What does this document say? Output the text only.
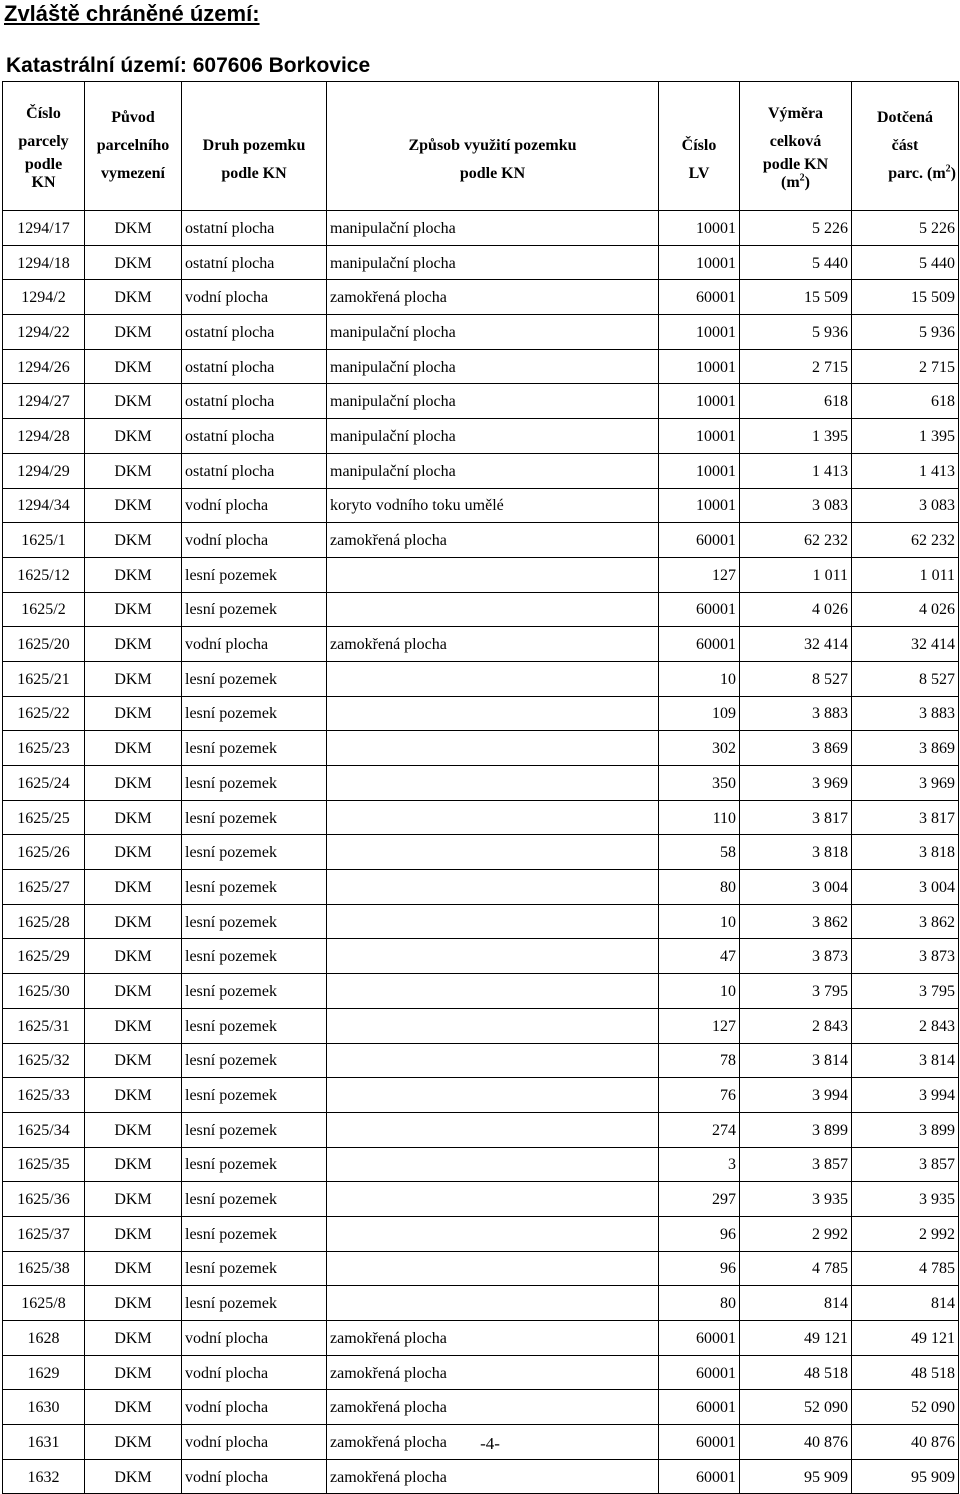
Zvláště chráněné území:
Katastrální území: 607606 Borkovice
Číslo
parcely
podle
KN	Původ
parcelního
vymezení	Druh pozemku
podle KN	Způsob využití pozemku
podle KN	Číslo
LV	Výměra
celková
podle KN
$(m^2)$	Dotčená
část
parc. $(m^2)$

1294/17	DKM	ostatní plocha	manipulační plocha	10001	5 226	5 226
1294/18	DKM	ostatní plocha	manipulační plocha	10001	5 440	5 440
1294/2	DKM	vodní plocha	zamokřená plocha	60001	15 509	15 509
1294/22	DKM	ostatní plocha	manipulační plocha	10001	5 936	5 936
1294/26	DKM	ostatní plocha	manipulační plocha	10001	2 715	2 715
1294/27	DKM	ostatní plocha	manipulační plocha	10001	618	618
1294/28	DKM	ostatní plocha	manipulační plocha	10001	1 395	1 395
1294/29	DKM	ostatní plocha	manipulační plocha	10001	1 413	1 413
1294/34	DKM	vodní plocha	koryto vodního toku umělé	10001	3 083	3 083
1625/1	DKM	vodní plocha	zamokřená plocha	60001	62 232	62 232
1625/12	DKM	lesní pozemek		127	1 011	1 011
1625/2	DKM	lesní pozemek		60001	4 026	4 026
1625/20	DKM	vodní plocha	zamokřená plocha	60001	32 414	32 414
1625/21	DKM	lesní pozemek		10	8 527	8 527
1625/22	DKM	lesní pozemek		109	3 883	3 883
1625/23	DKM	lesní pozemek		302	3 869	3 869
1625/24	DKM	lesní pozemek		350	3 969	3 969
1625/25	DKM	lesní pozemek		110	3 817	3 817
1625/26	DKM	lesní pozemek		58	3 818	3 818
1625/27	DKM	lesní pozemek		80	3 004	3 004
1625/28	DKM	lesní pozemek		10	3 862	3 862
1625/29	DKM	lesní pozemek		47	3 873	3 873
1625/30	DKM	lesní pozemek		10	3 795	3 795
1625/31	DKM	lesní pozemek		127	2 843	2 843
1625/32	DKM	lesní pozemek		78	3 814	3 814
1625/33	DKM	lesní pozemek		76	3 994	3 994
1625/34	DKM	lesní pozemek		274	3 899	3 899
1625/35	DKM	lesní pozemek		3	3 857	3 857
1625/36	DKM	lesní pozemek		297	3 935	3 935
1625/37	DKM	lesní pozemek		96	2 992	2 992
1625/38	DKM	lesní pozemek		96	4 785	4 785
1625/8	DKM	lesní pozemek		80	814	814
1628	DKM	vodní plocha	zamokřená plocha	60001	49 121	49 121
1629	DKM	vodní plocha	zamokřená plocha	60001	48 518	48 518
1630	DKM	vodní plocha	zamokřená plocha	60001	52 090	52 090
1631	DKM	vodní plocha	zamokřená plocha	60001	40 876	40 876
1632	DKM	vodní plocha	zamokřená plocha	60001	95 909	95 909

-4-
